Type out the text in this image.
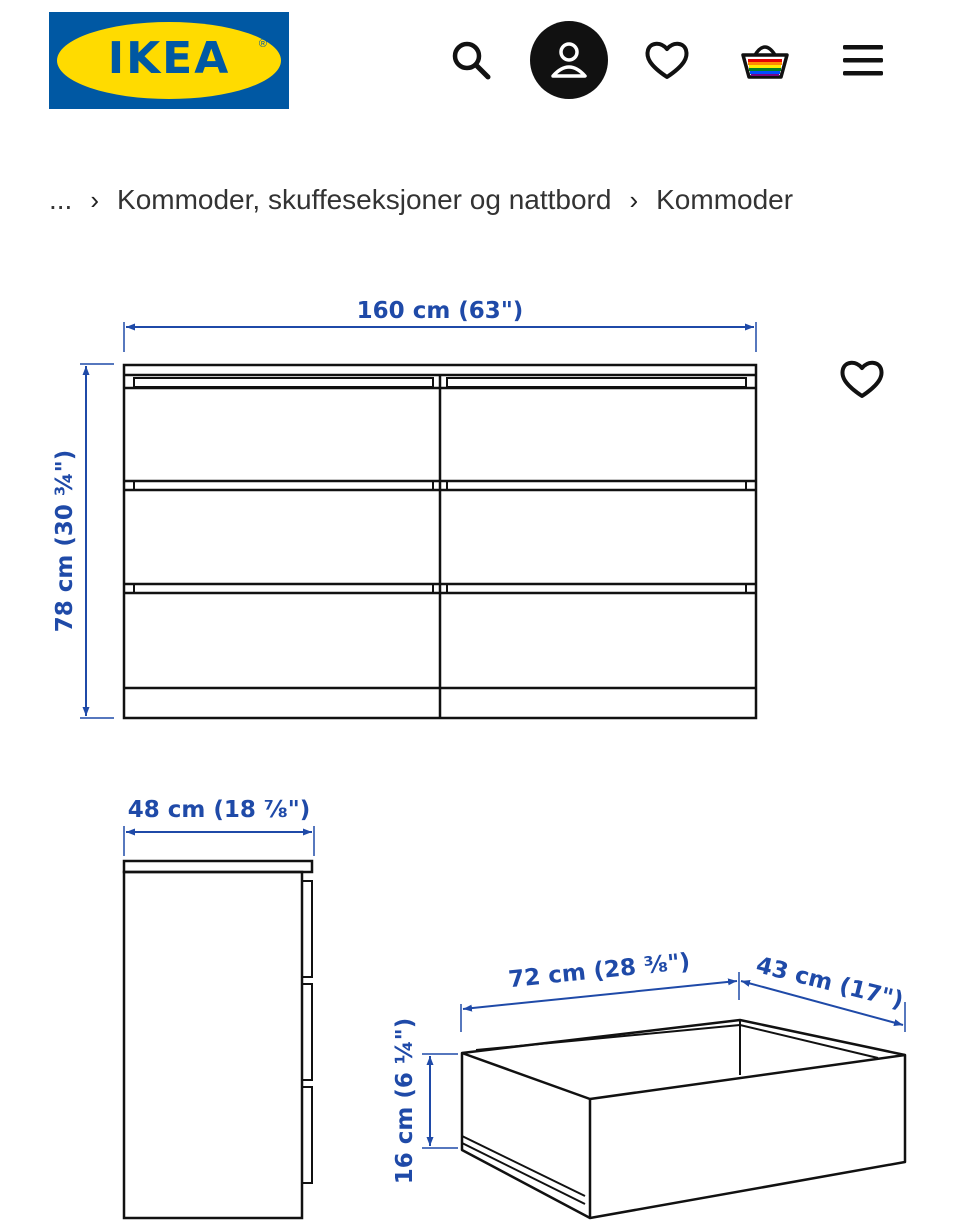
IKEA	®
... › Kommoder, skuffeseksjoner og nattbord › Kommoder
160 cm (63")
78 cm (30 ¾")
48 cm (18 ⅞")
72 cm (28 ⅜")	43 cm (17")
16 cm (6 ¼")
